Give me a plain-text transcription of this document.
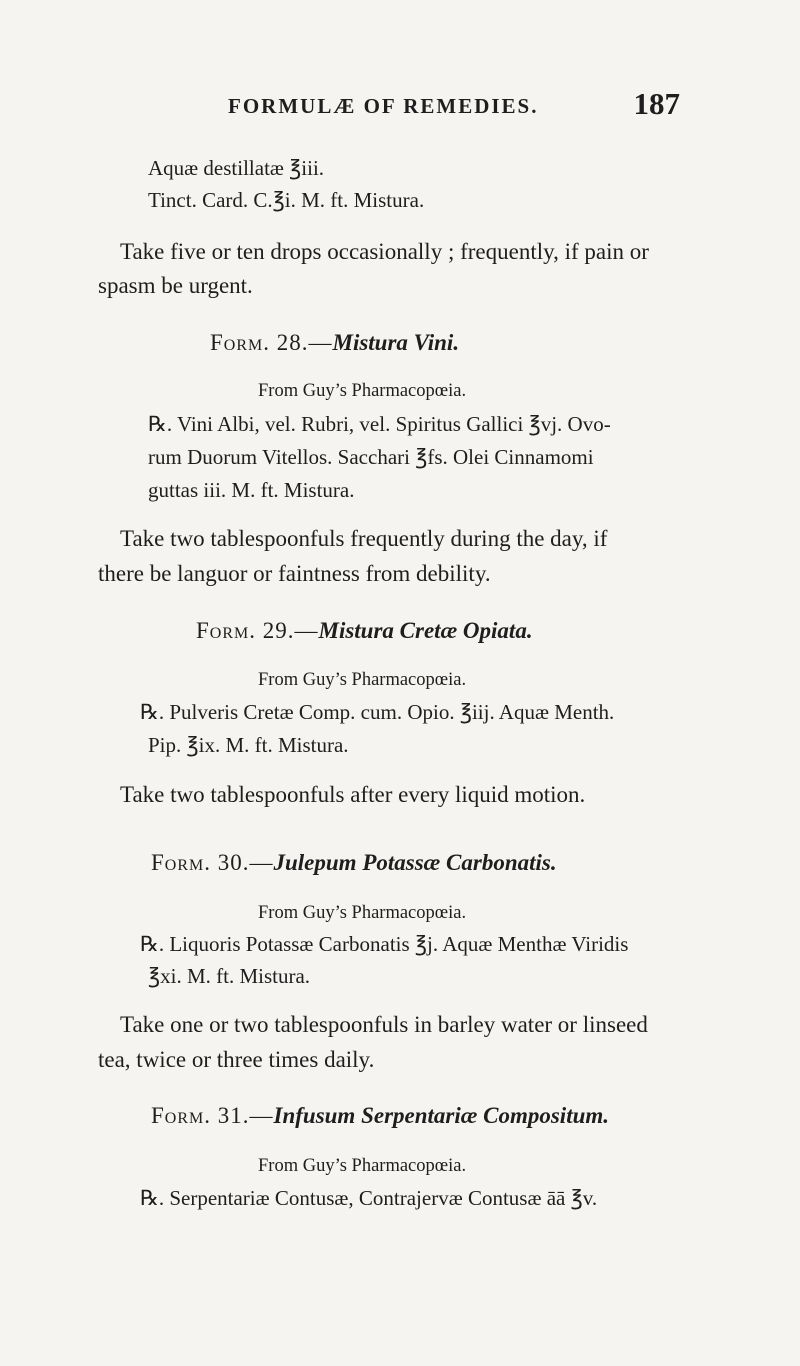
FORMULÆ OF REMEDIES.	187
Aquæ destillatæ ℥iii.
Tinct. Card. C.℥i. M. ft. Mistura.
Take five or ten drops occasionally ; frequently, if pain or
spasm be urgent.
Form. 28.—Mistura Vini.
From Guy’s Pharmacopœia.
℞. Vini Albi, vel. Rubri, vel. Spiritus Gallici ℥vj. Ovo-
rum Duorum Vitellos. Sacchari ℥fs. Olei Cinnamomi
guttas iii. M. ft. Mistura.
Take two tablespoonfuls frequently during the day, if
there be languor or faintness from debility.
Form. 29.—Mistura Cretæ Opiata.
From Guy’s Pharmacopœia.
℞. Pulveris Cretæ Comp. cum. Opio. ℥iij. Aquæ Menth.
Pip. ℥ix. M. ft. Mistura.
Take two tablespoonfuls after every liquid motion.
Form. 30.—Julepum Potassæ Carbonatis.
From Guy’s Pharmacopœia.
℞. Liquoris Potassæ Carbonatis ℥j. Aquæ Menthæ Viridis
℥xi. M. ft. Mistura.
Take one or two tablespoonfuls in barley water or linseed
tea, twice or three times daily.
Form. 31.—Infusum Serpentariæ Compositum.
From Guy’s Pharmacopœia.
℞. Serpentariæ Contusæ, Contrajervæ Contusæ āā ℥v.
